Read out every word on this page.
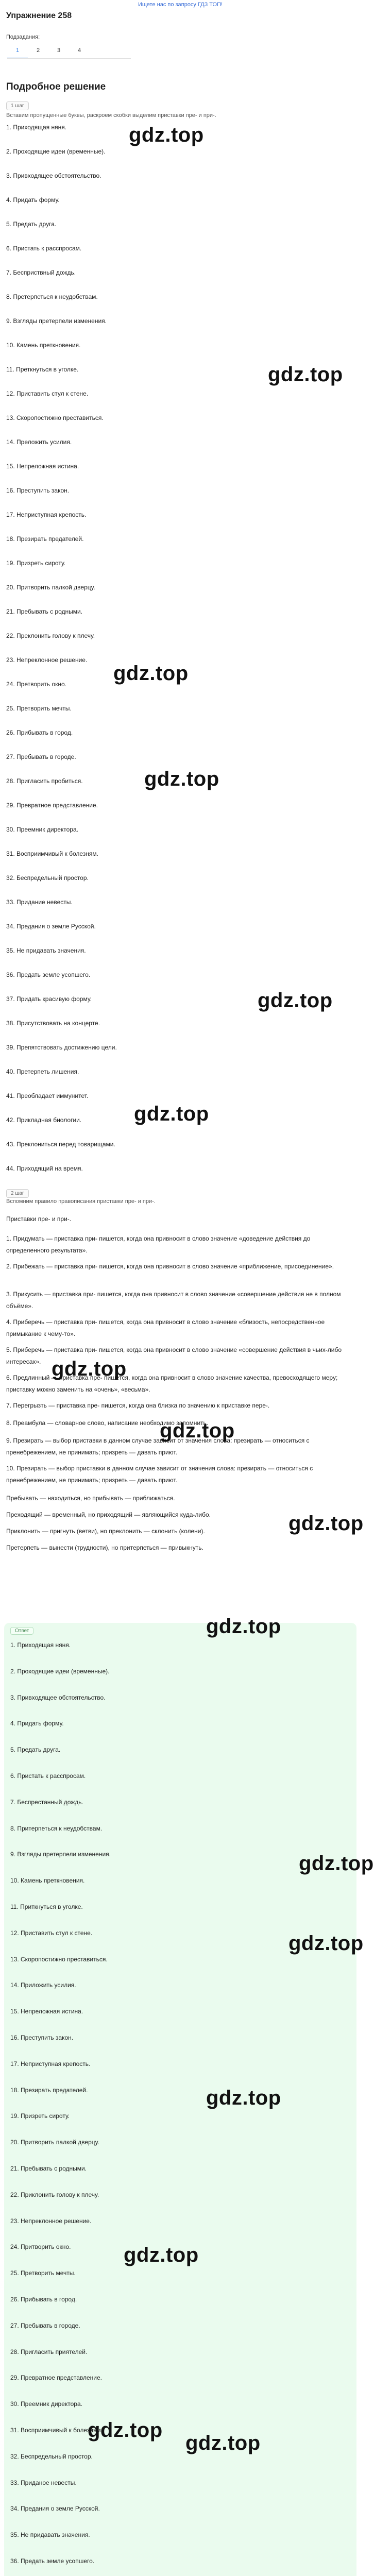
Ищете нас по запросу ГДЗ ТОП!
Упражнение 258
Подзадания:
1	2	3	4
Подробное решение
1 шаг
Вставим пропущенные буквы, раскроем скобки выделим приставки пре- и при-.
1. Приходящая няня.
2. Проходящие идеи (временные).
3. Привходящее обстоятельство.
4. Придать форму.
5. Предать друга.
6. Пристать к расспросам.
7. Бесприствный дождь.
8. Претерпеться к неудобствам.
9. Взгляды претерпели изменения.
10. Камень преткновения.
11. Преткнуться в уголке.
12. Приставить стул к стене.
13. Скоропостижно преставиться.
14. Преложить усилия.
15. Непреложная истина.
16. Преступить закон.
17. Неприступная крепость.
18. Презирать предателей.
19. Призреть сироту.
20. Притворить палкой дверцу.
21. Пребывать с родными.
22. Преклонить голову к плечу.
23. Непреклонное решение.
24. Претворить окно.
25. Претворить мечты.
26. Прибывать в город.
27. Пребывать в городе.
28. Пригласить пробиться.
29. Превратное представление.
30. Преемник директора.
31. Восприимчивый к болезням.
32. Беспредельный простор.
33. Придание невесты.
34. Предания о земле Русской.
35. Не придавать значения.
36. Предать земле усопшего.
37. Придать красивую форму.
38. Присутствовать на концерте.
39. Препятствовать достижению цели.
40. Претерпеть лишения.
41. Преобладает иммунитет.
42. Прикладная биологии.
43. Преклониться перед товарищами.
44. Приходящий на время.
2 шаг
Вспомним правило правописания приставки пре- и при-.
Приставки пре- и при-.
1. Придумать — приставка при- пишется, когда она привносит в слово значение «доведение действия до определенного результата».
2. Прибежать — приставка при- пишется, когда она привносит в слово значение «приближение, присоединение».
3. Прикусить — приставка при- пишется, когда она привносит в слово значение «совершение действия не в полном объёме».
4. Приберечь — приставка при- пишется, когда она привносит в слово значение «близость, непосредственное примыкание к чему-то».
5. Приберечь — приставка при- пишется, когда она привносит в слово значение «совершение действия в чьих-либо интересах».
6. Предлинный — приставка пре- пишется, когда она привносит в слово значение качества, превосходящего меру; приставку можно заменить на «очень», «весьма».
7. Перегрызть — приставка пре- пишется, когда она близка по значению к приставке пере-.
8. Преамбула — словарное слово, написание необходимо запомнить.
9. Презирать — выбор приставки в данном случае зависит от значения слова: презирать — относиться с пренебрежением, не принимать; призреть — давать приют.
10. Презирать — выбор приставки в данном случае зависит от значения слова: презирать — относиться с пренебрежением, не принимать; призреть — давать приют.
Пребывать — находиться, но прибывать — приближаться.
Преходящий — временный, но приходящий — являющийся куда-либо.
Приклонить — пригнуть (ветви), но преклонить — склонить (колени).
Претерпеть — вынести (трудности), но притерпеться — привыкнуть.
Ответ
1. Приходящая няня.
2. Проходящие идеи (временные).
3. Привходящее обстоятельство.
4. Придать форму.
5. Предать друга.
6. Пристать к расспросам.
7. Беспрестанный дождь.
8. Притерпеться к неудобствам.
9. Взгляды претерпели изменения.
10. Камень преткновения.
11. Приткнуться в уголке.
12. Приставить стул к стене.
13. Скоропостижно преставиться.
14. Приложить усилия.
15. Непреложная истина.
16. Преступить закон.
17. Неприступная крепость.
18. Презирать предателей.
19. Призреть сироту.
20. Притворить палкой дверцу.
21. Пребывать с родными.
22. Приклонить голову к плечу.
23. Непреклонное решение.
24. Притворить окно.
25. Претворить мечты.
26. Прибывать в город.
27. Пребывать в городе.
28. Пригласить приятелей.
29. Превратное представление.
30. Преемник директора.
31. Восприимчивый к болезням.
32. Беспредельный простор.
33. Приданое невесты.
34. Предания о земле Русской.
35. Не придавать значения.
36. Предать земле усопшего.
gdz.top
gdz.top
gdz.top
gdz.top
gdz.top
gdz.top
gdz.top
gdz.top
gdz.top
gdz.top
gdz.top
gdz.top
gdz.top
gdz.top
gdz.top
gdz.top
